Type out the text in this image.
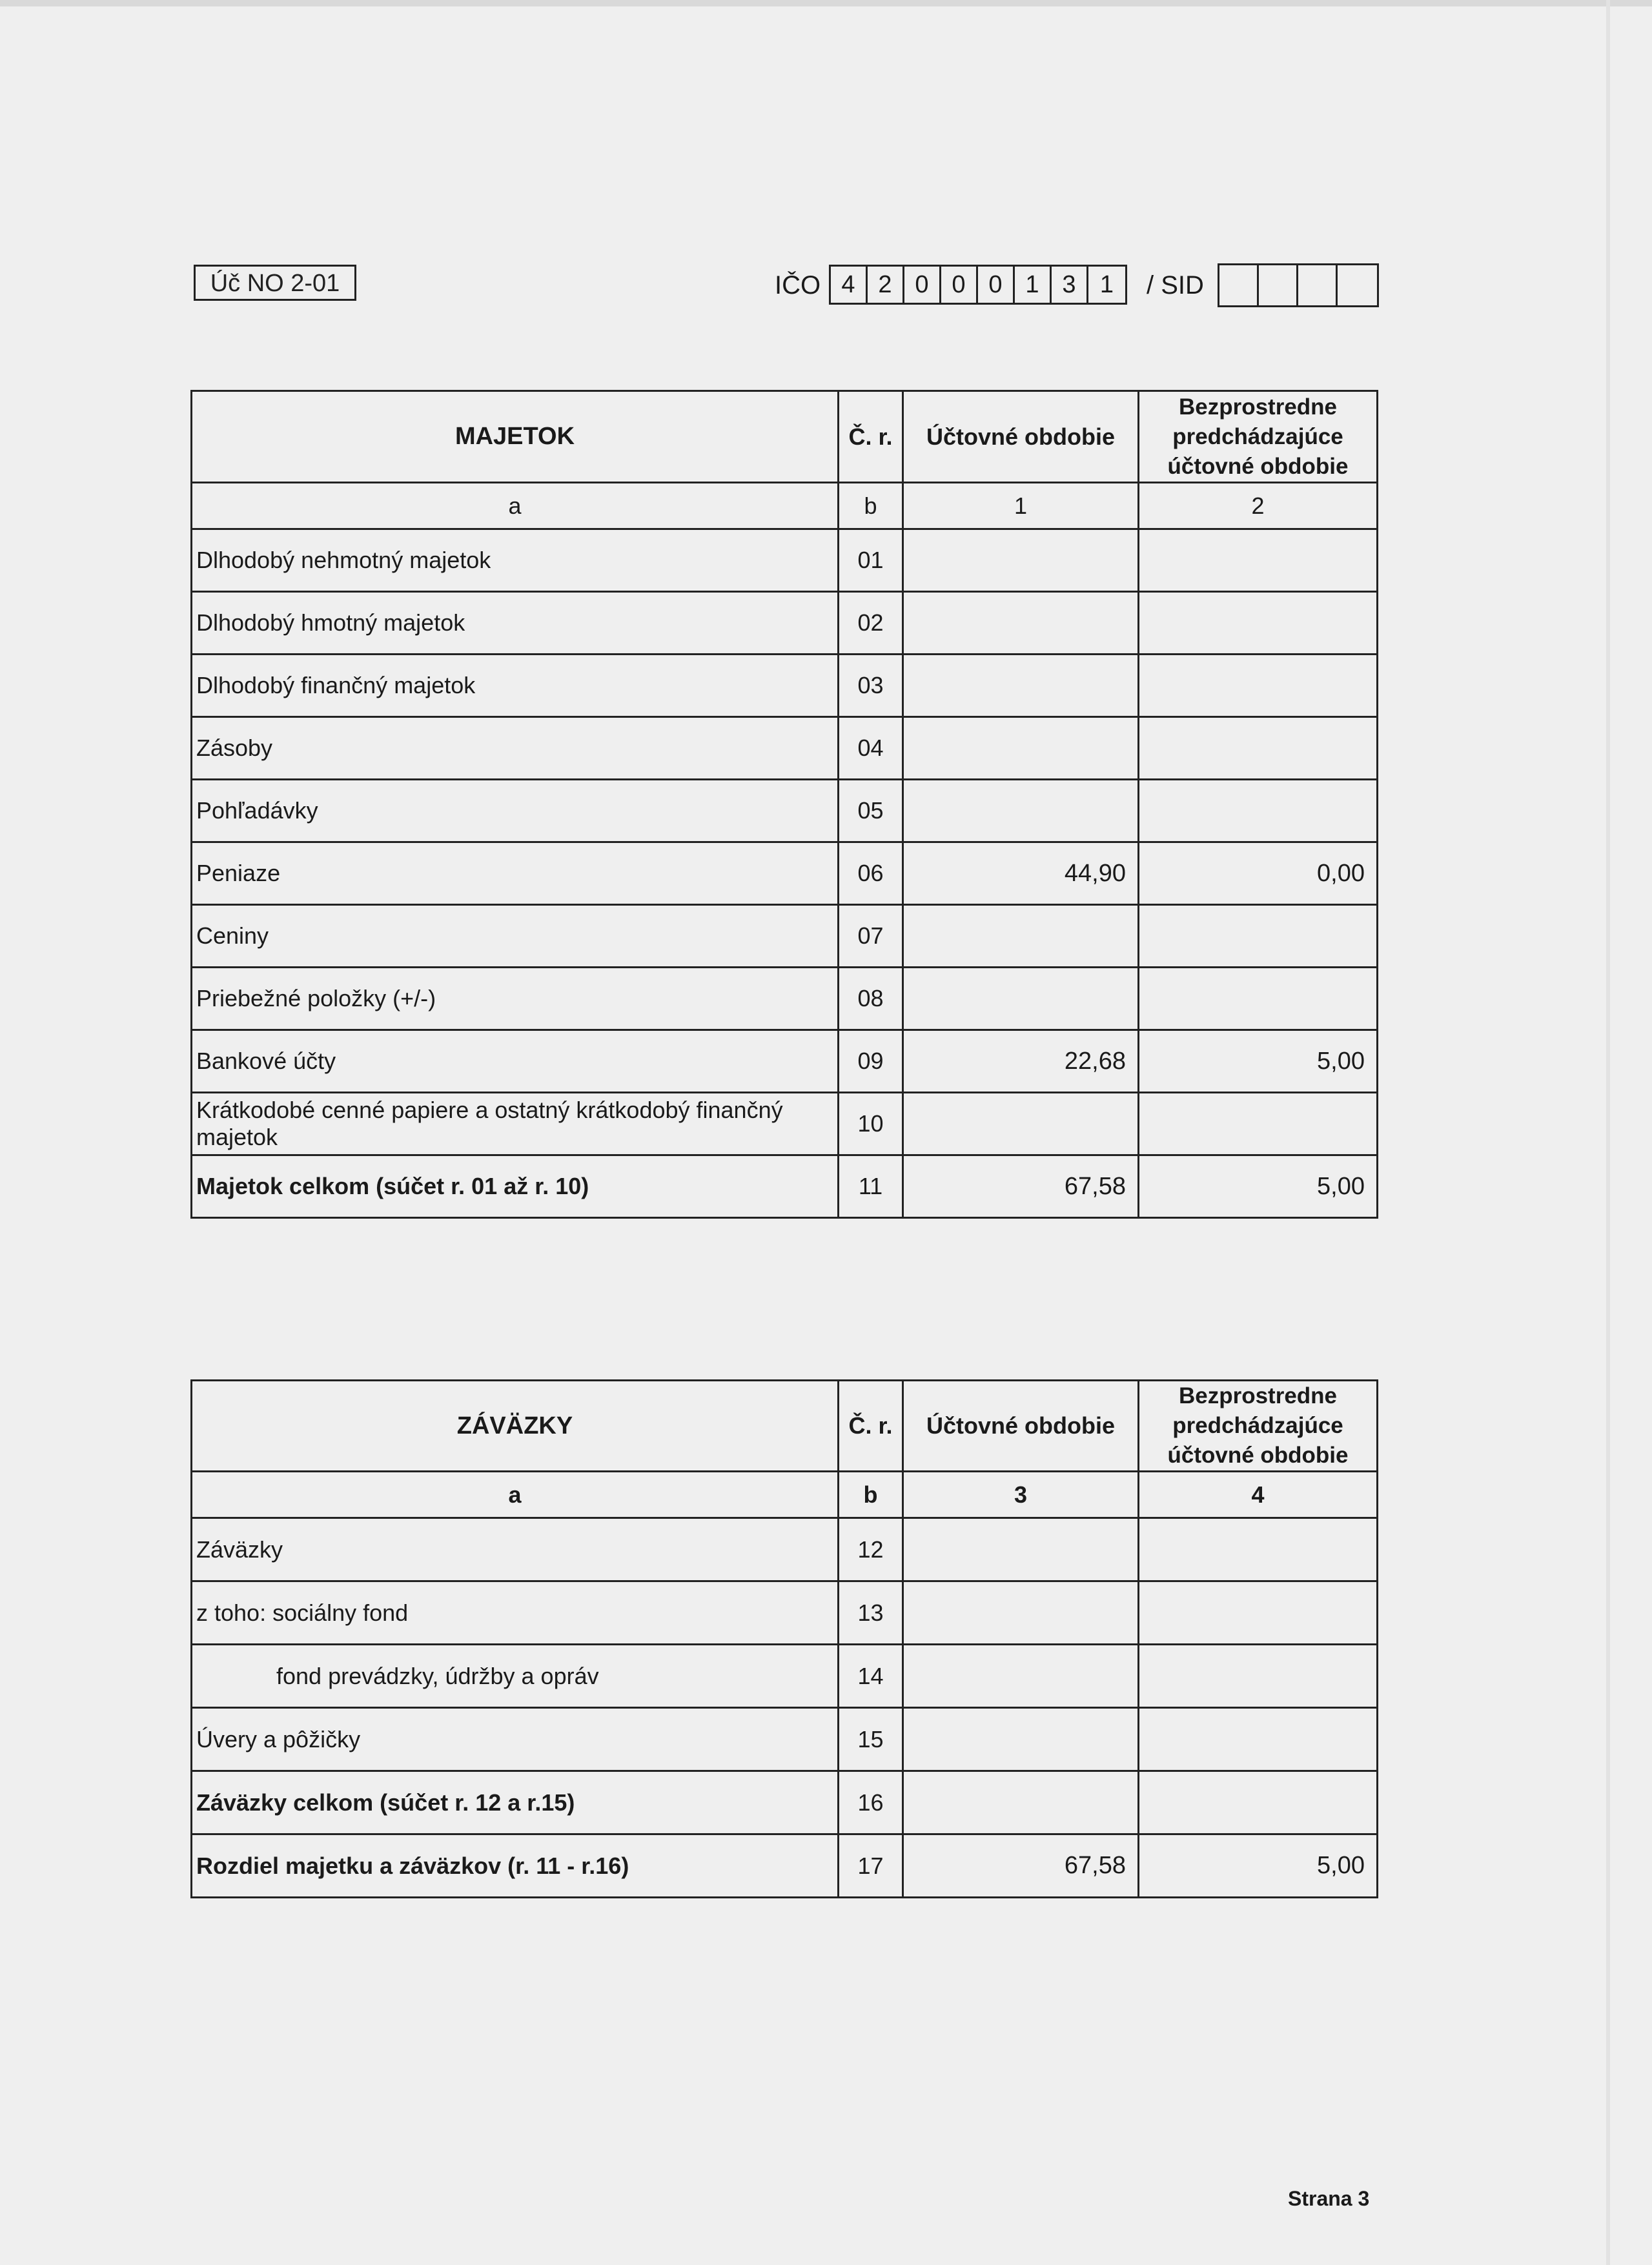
Úč NO 2-01	IČO 4 2 0 0 0 1 3 1	/ SID
MAJETOK	Č. r.	Účtovné obdobie	Bezprostredne predchádzajúce účtovné obdobie
a	b	1	2
Dlhodobý nehmotný majetok	01		
Dlhodobý hmotný majetok	02		
Dlhodobý finančný majetok	03		
Zásoby	04		
Pohľadávky	05		
Peniaze	06	44,90	0,00
Ceniny	07		
Priebežné položky (+/-)	08		
Bankové účty	09	22,68	5,00
Krátkodobé cenné papiere a ostatný krátkodobý finančný majetok	10		
Majetok celkom (súčet r. 01 až r. 10)	11	67,58	5,00
ZÁVÄZKY	Č. r.	Účtovné obdobie	Bezprostredne predchádzajúce účtovné obdobie
a	b	3	4
Záväzky	12		
z toho: sociálny fond	13		
fond prevádzky, údržby a opráv	14		
Úvery a pôžičky	15		
Záväzky celkom (súčet r. 12 a r.15)	16		
Rozdiel majetku a záväzkov (r. 11 - r.16)	17	67,58	5,00
Strana 3
